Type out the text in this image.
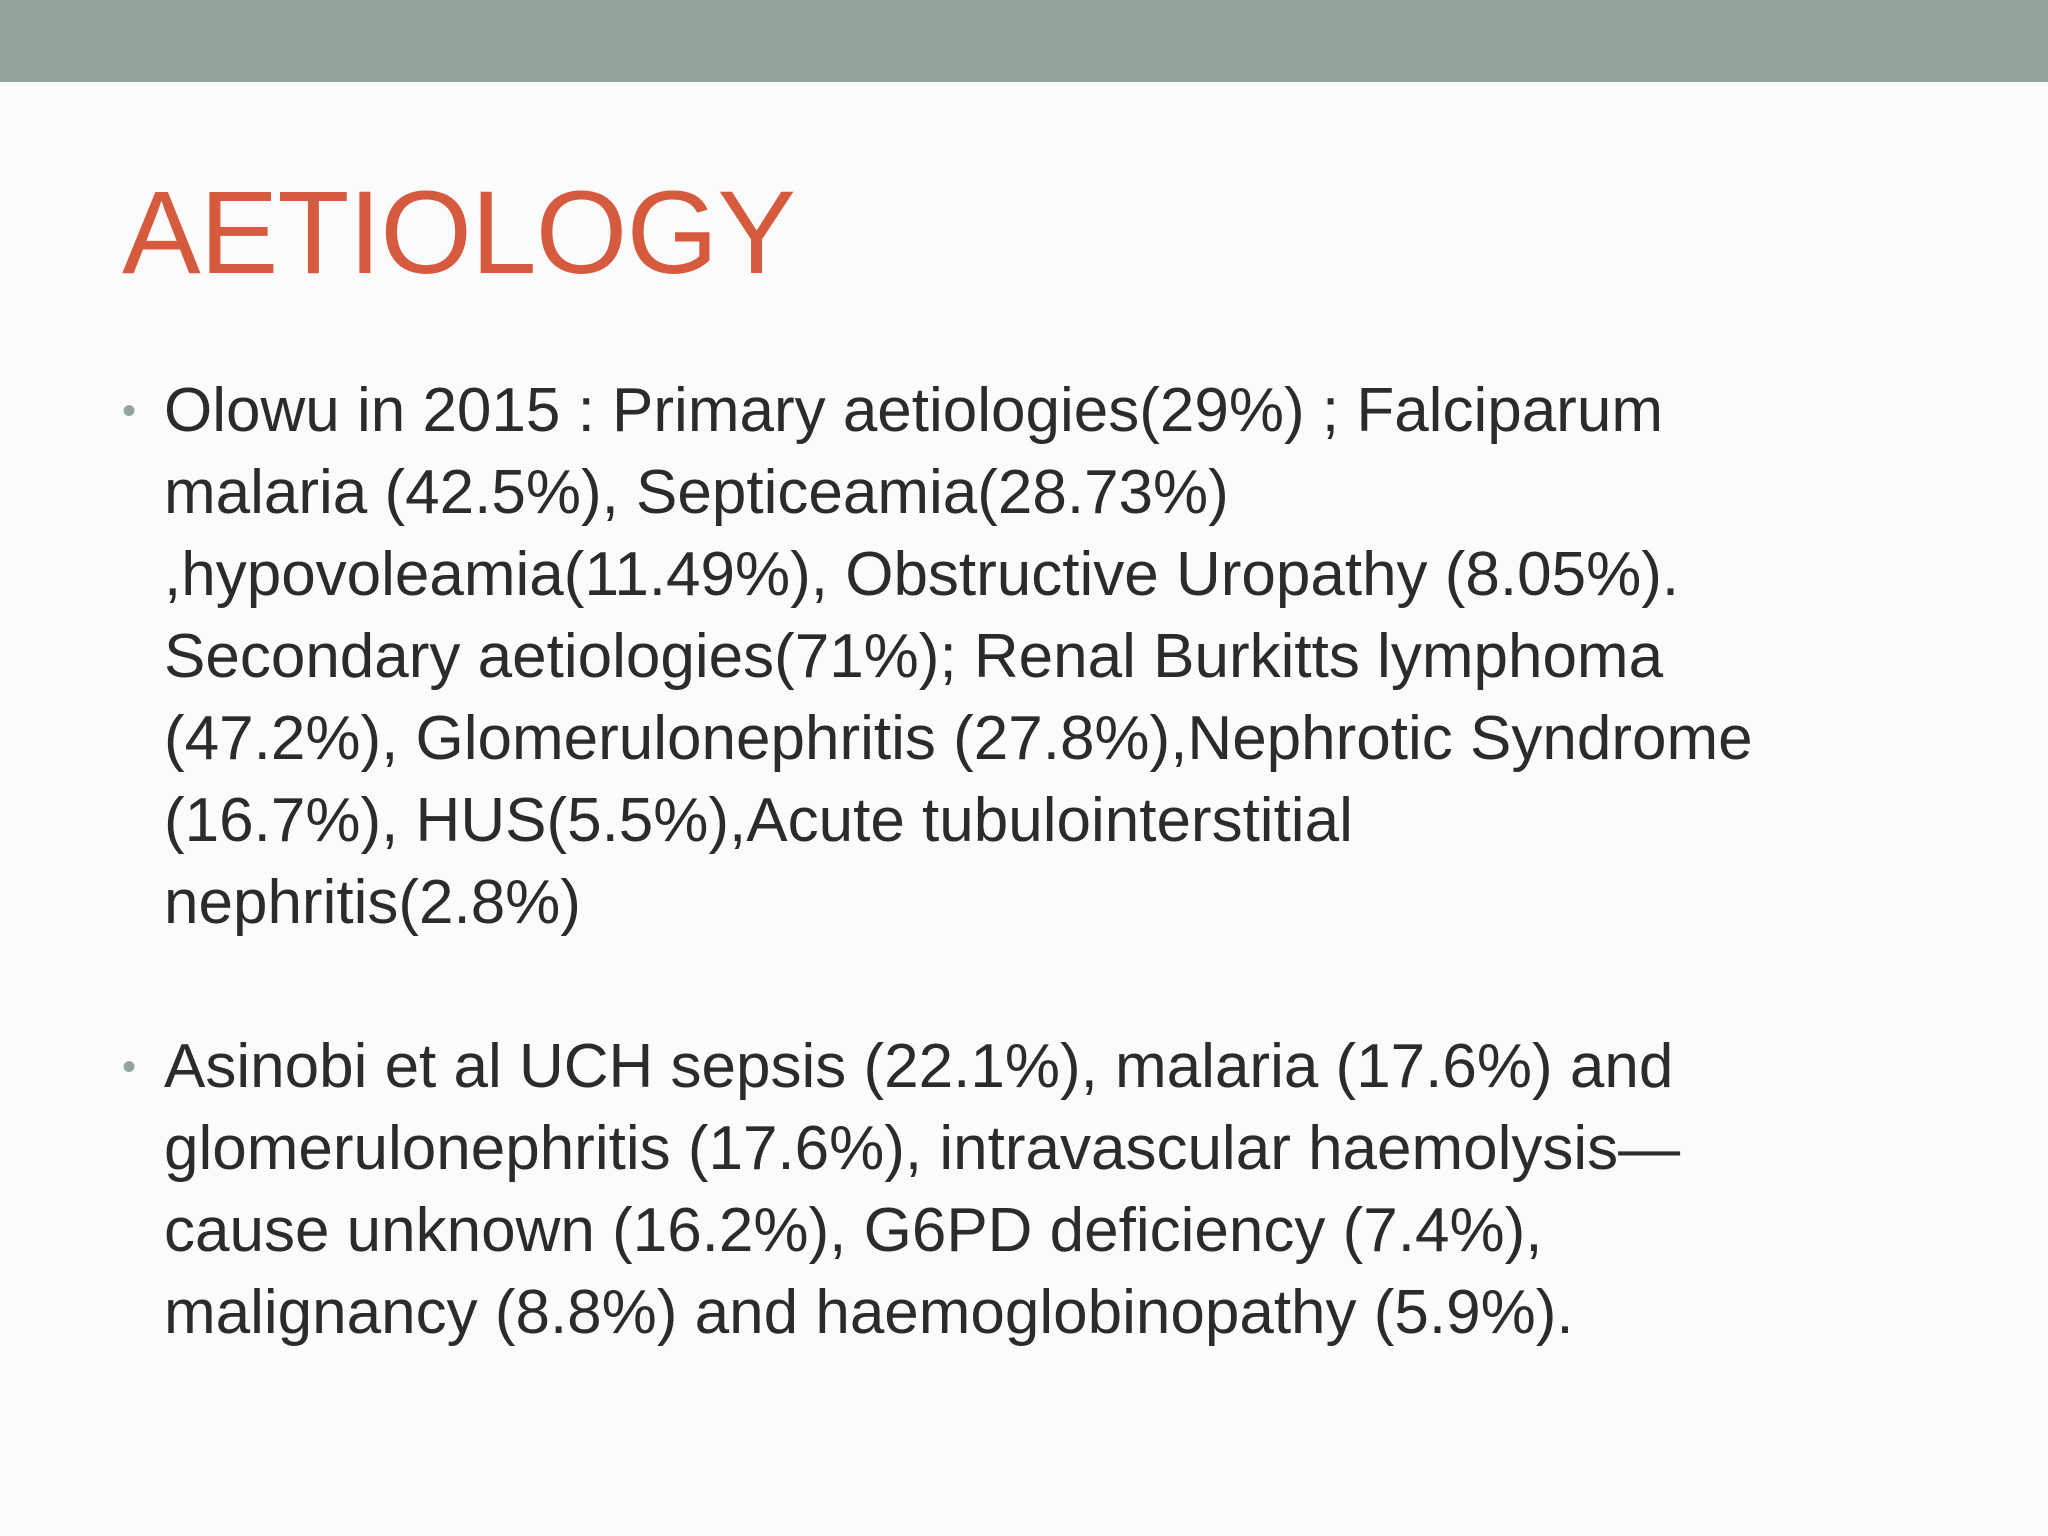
AETIOLOGY
• Olowu in 2015 : Primary aetiologies(29%) ; Falciparum
malaria (42.5%), Septiceamia(28.73%)
,hypovoleamia(11.49%), Obstructive Uropathy (8.05%).
Secondary aetiologies(71%); Renal Burkitts lymphoma
(47.2%), Glomerulonephritis (27.8%),Nephrotic Syndrome
(16.7%), HUS(5.5%),Acute tubulointerstitial
nephritis(2.8%)
• Asinobi et al UCH sepsis (22.1%), malaria (17.6%) and
glomerulonephritis (17.6%), intravascular haemolysis—
cause unknown (16.2%), G6PD deficiency (7.4%),
malignancy (8.8%) and haemoglobinopathy (5.9%).
